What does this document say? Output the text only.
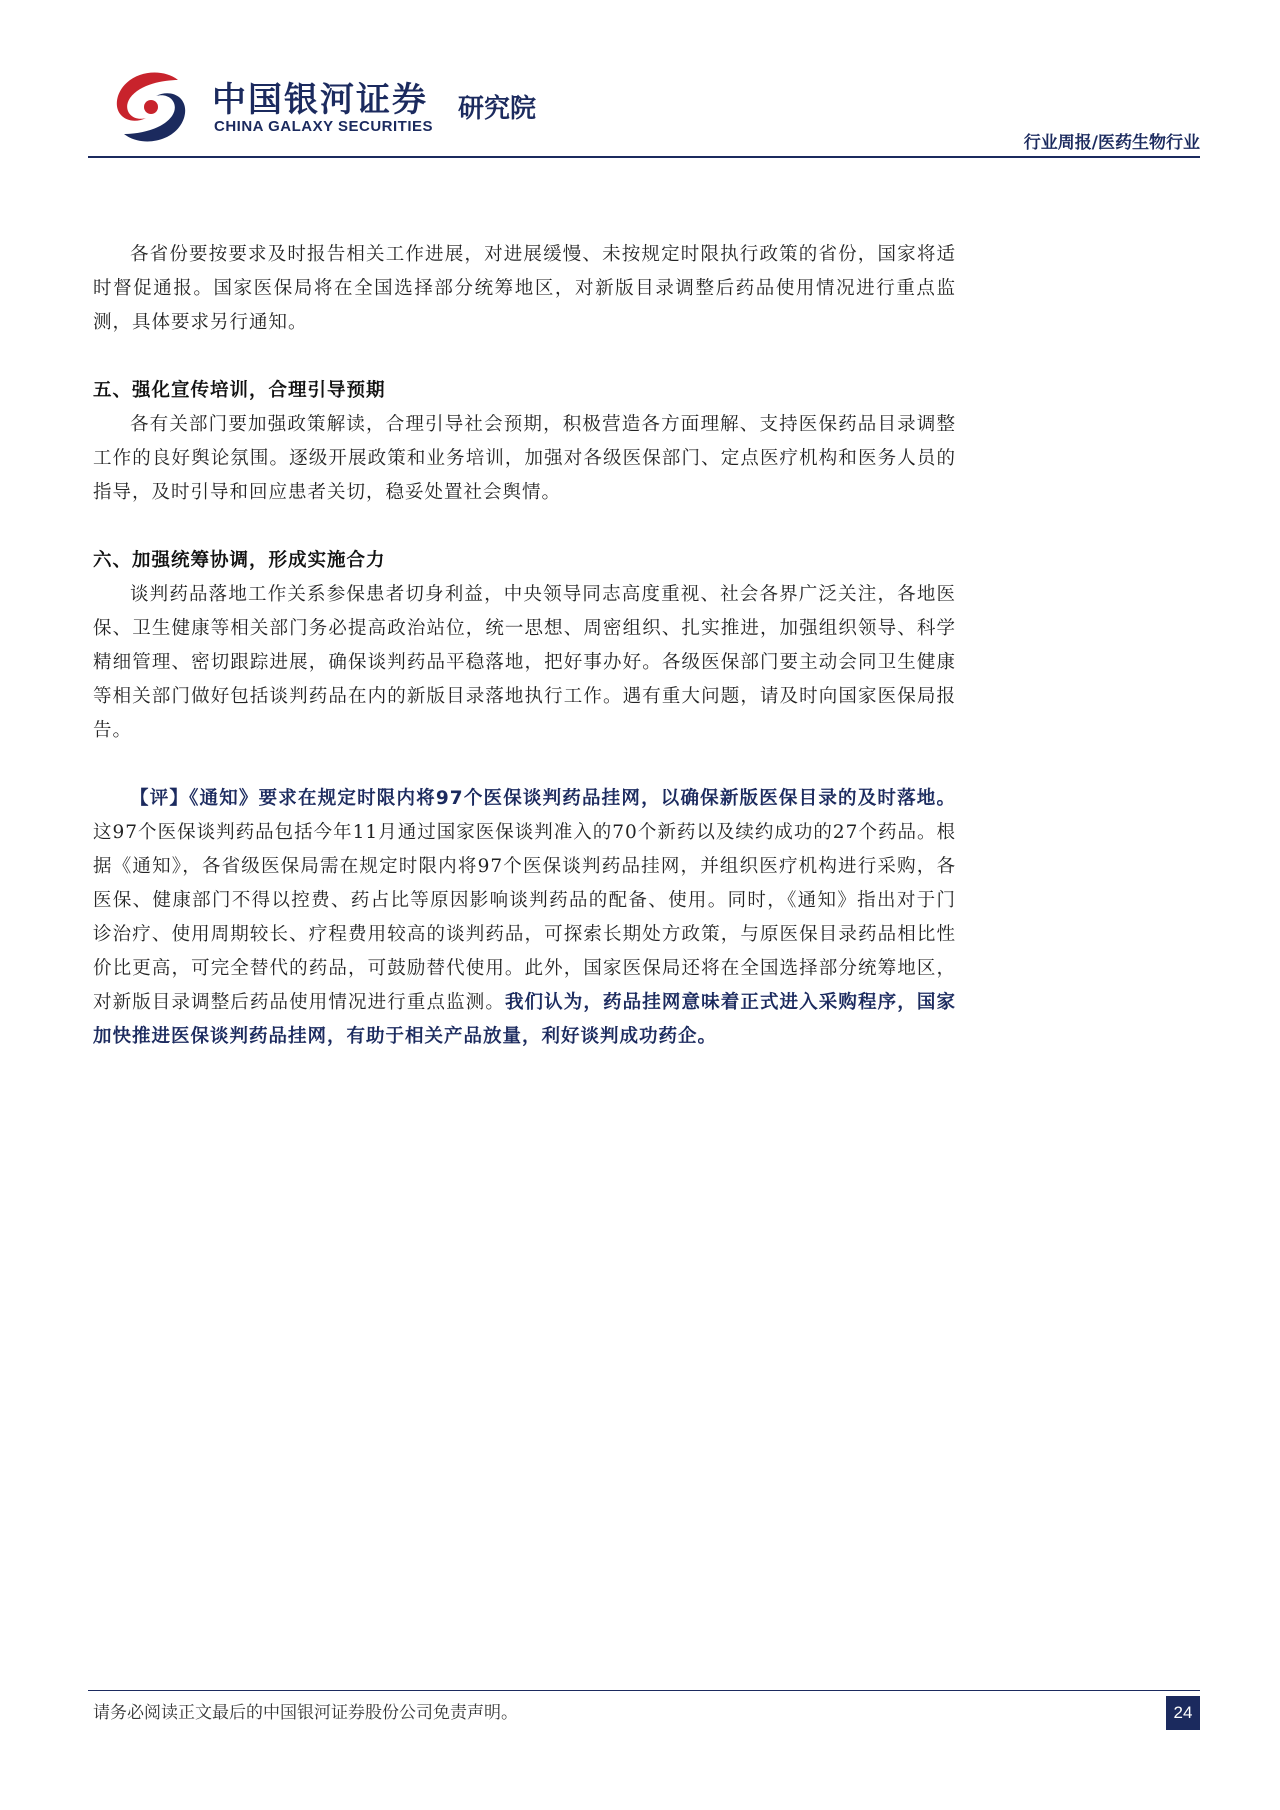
中国银河证券
CHINA GALAXY SECURITIES
研究院
行业周报/医药生物行业

各省份要按要求及时报告相关工作进展，对进展缓慢、未按规定时限执行政策的省份，国家将适时督促通报。国家医保局将在全国选择部分统筹地区，对新版目录调整后药品使用情况进行重点监测，具体要求另行通知。

五、强化宣传培训，合理引导预期

各有关部门要加强政策解读，合理引导社会预期，积极营造各方面理解、支持医保药品目录调整工作的良好舆论氛围。逐级开展政策和业务培训，加强对各级医保部门、定点医疗机构和医务人员的指导，及时引导和回应患者关切，稳妥处置社会舆情。

六、加强统筹协调，形成实施合力

谈判药品落地工作关系参保患者切身利益，中央领导同志高度重视、社会各界广泛关注，各地医保、卫生健康等相关部门务必提高政治站位，统一思想、周密组织、扎实推进，加强组织领导、科学精细管理、密切跟踪进展，确保谈判药品平稳落地，把好事办好。各级医保部门要主动会同卫生健康等相关部门做好包括谈判药品在内的新版目录落地执行工作。遇有重大问题，请及时向国家医保局报告。

【评】《通知》要求在规定时限内将97个医保谈判药品挂网，以确保新版医保目录的及时落地。这97个医保谈判药品包括今年11月通过国家医保谈判准入的70个新药以及续约成功的27个药品。根据《通知》，各省级医保局需在规定时限内将97个医保谈判药品挂网，并组织医疗机构进行采购，各医保、健康部门不得以控费、药占比等原因影响谈判药品的配备、使用。同时，《通知》指出对于门诊治疗、使用周期较长、疗程费用较高的谈判药品，可探索长期处方政策，与原医保目录药品相比性价比更高，可完全替代的药品，可鼓励替代使用。此外，国家医保局还将在全国选择部分统筹地区，对新版目录调整后药品使用情况进行重点监测。我们认为，药品挂网意味着正式进入采购程序，国家加快推进医保谈判药品挂网，有助于相关产品放量，利好谈判成功药企。

请务必阅读正文最后的中国银河证券股份公司免责声明。	24
